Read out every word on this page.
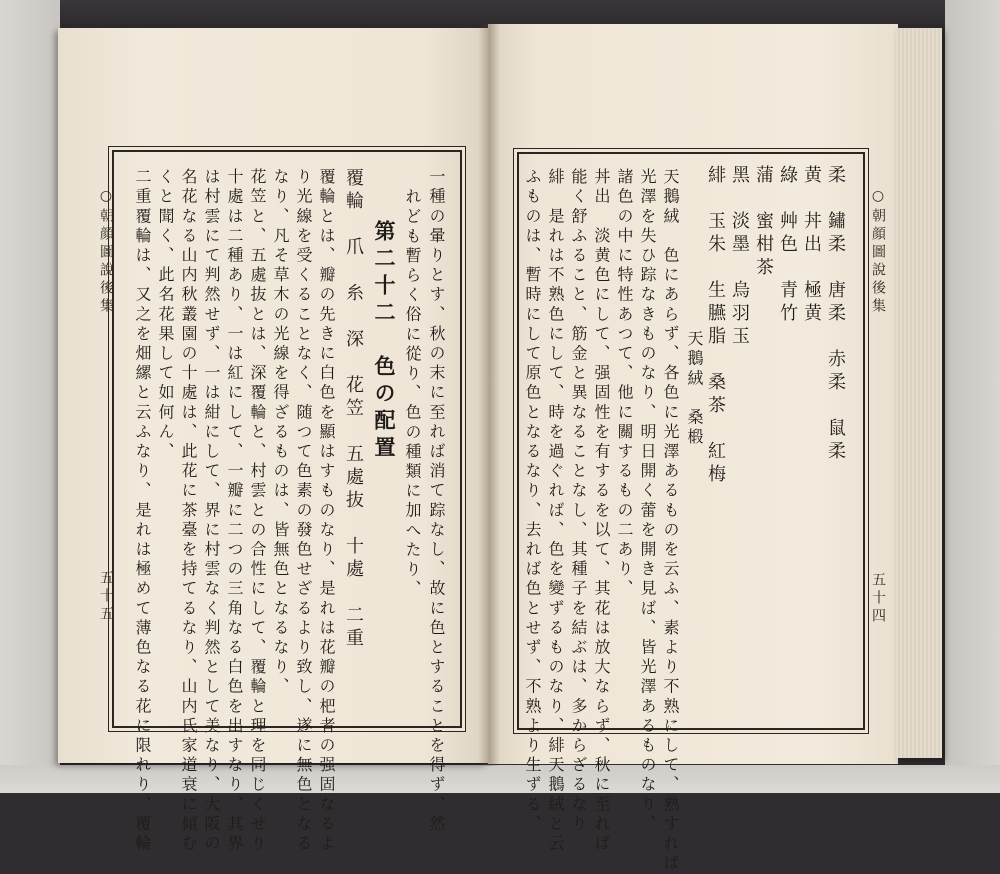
○朝顔圖說後集
五十五	一種の暈りとす、秋の末に至れば消て踪なし、故に色とすることを得ず、然
れども暫らく俗に從り、色の種類に加へたり、
第二十二　色の配置
覆輪　爪　糸　深　花笠　五處抜　十處　二重
覆輪とは、瓣の先きに白色を顯はすものなり、是れは花瓣の杷者の强固なるよ
り光線を受くることなく、随つて色素の發色せざるより致し、遂に無色となる
なり、凡そ草木の光線を得ざるものは、皆無色となるなり、
花笠と、五處抜とは、深覆輪と、村雲との合性にして、覆輪と理を同じくせり
十處は二種あり、一は紅にして、一瓣に二つの三角なる白色を出すなり、其界
は村雲にて判然せず、一は紺にして、界に村雲なく判然として美なり、大阪の
名花なる山内秋叢園の十處は、此花に茶臺を持てるなり、山内氏家道衰に傾む
くと聞く、此名花果して如何ん、
二重覆輪は、又之を畑縲と云ふなり、是れは極めて薄色なる花に限れり、覆輪	○朝顔圖說後集
五十四
柔　鏽柔　唐柔　赤柔　鼠柔
黄　丼出　極黄
綠　艸色　青竹
蒲　蜜柑茶
黑　淡墨　烏羽玉
緋　玉朱　生臙脂　桑茶　紅梅
天鵝絨　桑椴
天鵝絨　色にあらず、各色に光澤あるものを云ふ、素より不熟にして、熟すれば
光澤を失ひ踪なきものなり、明日開く蕾を開き見ば、皆光澤あるものなり、
諸色の中に特性あつて、他に關するもの二あり、
丼出　淡黄色にして、强固性を有するを以て、其花は放大ならず、秋に至れば
能く舒ふること、筋金と異なることなし、其種子を結ぶは、多からざるなり
緋　是れは不熟色にして、時を過ぐれば、色を變ずるものなり、緋天鵝絨と云
ふものは、暫時にして原色となるなり、去れば色とせず、不熟より生ずる、
